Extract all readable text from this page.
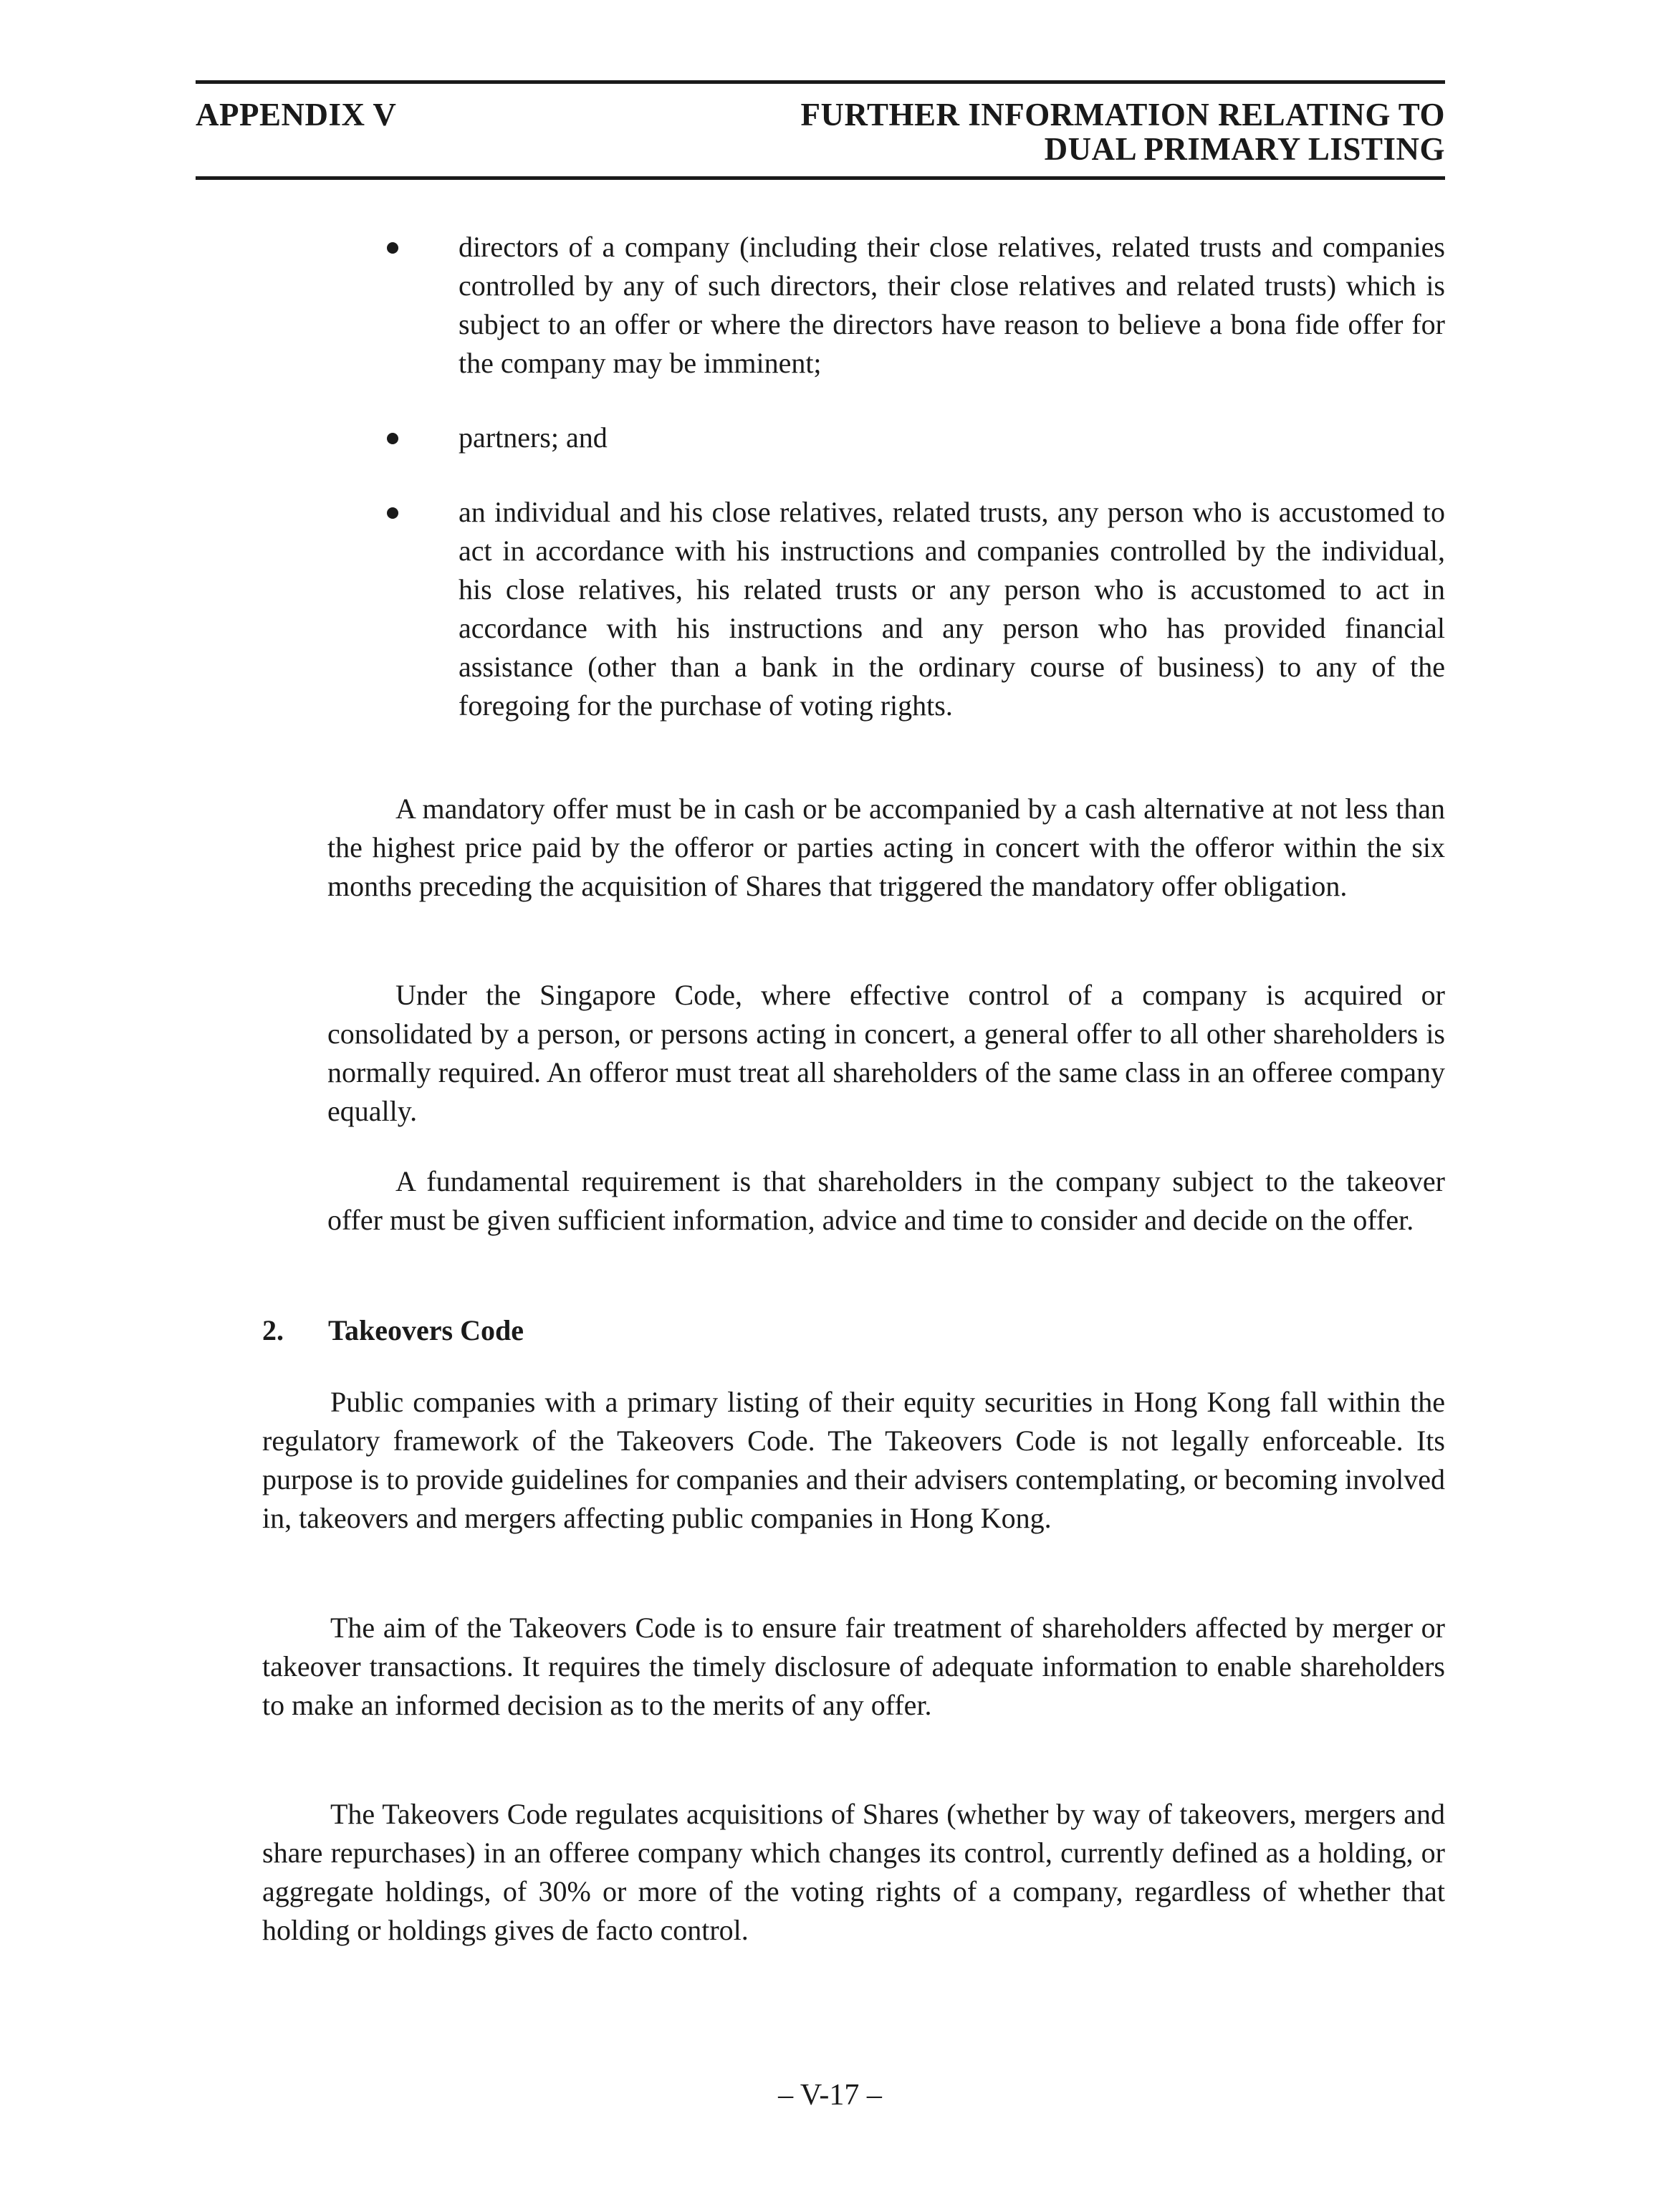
APPENDIX V	FURTHER INFORMATION RELATING TO
DUAL PRIMARY LISTING
directors of a company (including their close relatives, related trusts and companies controlled by any of such directors, their close relatives and related trusts) which is subject to an offer or where the directors have reason to believe a bona fide offer for the company may be imminent;
partners; and
an individual and his close relatives, related trusts, any person who is accustomed to act in accordance with his instructions and companies controlled by the individual, his close relatives, his related trusts or any person who is accustomed to act in accordance with his instructions and any person who has provided financial assistance (other than a bank in the ordinary course of business) to any of the foregoing for the purchase of voting rights.

A mandatory offer must be in cash or be accompanied by a cash alternative at not less than the highest price paid by the offeror or parties acting in concert with the offeror within the six months preceding the acquisition of Shares that triggered the mandatory offer obligation.

Under the Singapore Code, where effective control of a company is acquired or consolidated by a person, or persons acting in concert, a general offer to all other shareholders is normally required. An offeror must treat all shareholders of the same class in an offeree company equally.

A fundamental requirement is that shareholders in the company subject to the takeover offer must be given sufficient information, advice and time to consider and decide on the offer.

2. Takeovers Code

Public companies with a primary listing of their equity securities in Hong Kong fall within the regulatory framework of the Takeovers Code. The Takeovers Code is not legally enforceable. Its purpose is to provide guidelines for companies and their advisers contemplating, or becoming involved in, takeovers and mergers affecting public companies in Hong Kong.

The aim of the Takeovers Code is to ensure fair treatment of shareholders affected by merger or takeover transactions. It requires the timely disclosure of adequate information to enable shareholders to make an informed decision as to the merits of any offer.

The Takeovers Code regulates acquisitions of Shares (whether by way of takeovers, mergers and share repurchases) in an offeree company which changes its control, currently defined as a holding, or aggregate holdings, of 30% or more of the voting rights of a company, regardless of whether that holding or holdings gives de facto control.

– V-17 –
